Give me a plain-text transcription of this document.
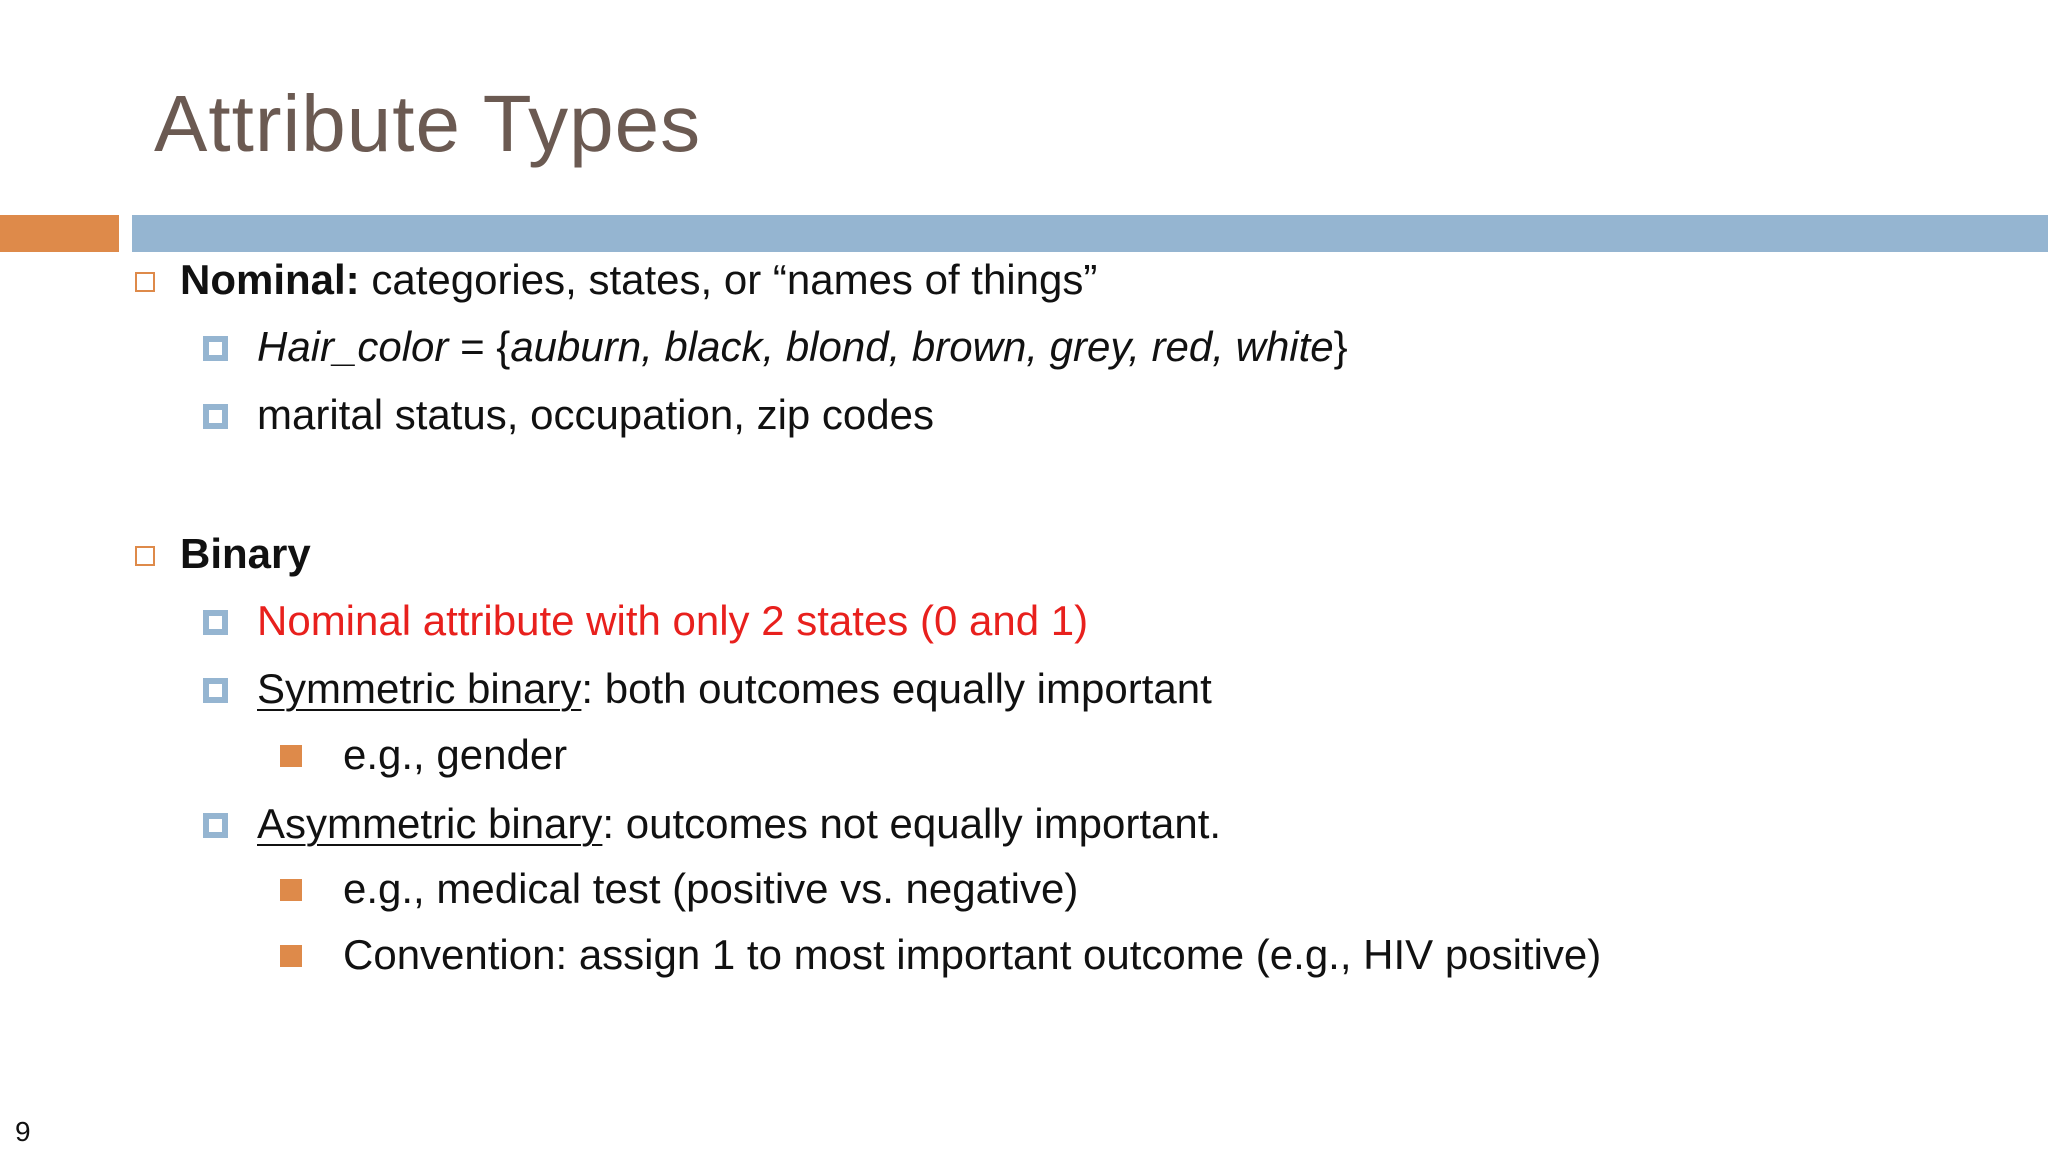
Attribute Types
Nominal: categories, states, or “names of things”
Hair_color = {auburn, black, blond, brown, grey, red, white}
marital status, occupation, zip codes
Binary
Nominal attribute with only 2 states (0 and 1)
Symmetric binary: both outcomes equally important
e.g., gender
Asymmetric binary: outcomes not equally important.
e.g., medical test (positive vs. negative)
Convention: assign 1 to most important outcome (e.g., HIV positive)
9
